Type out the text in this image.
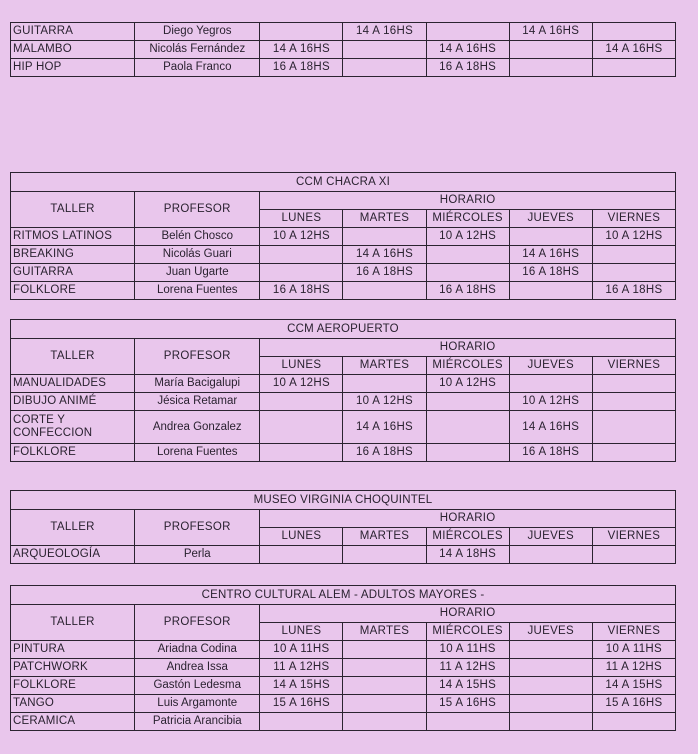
GUITARRA	Diego Yegros		14 A 16HS		14 A 16HS	
MALAMBO	Nicolás Fernández	14 A 16HS		14 A 16HS		14 A 16HS
HIP HOP	Paola Franco	16 A 18HS		16 A 18HS		
CCM CHACRA XI						
TALLER	PROFESOR	HORARIO				
		LUNES	MARTES	MIÉRCOLES	JUEVES	VIERNES
RITMOS LATINOS	Belén Chosco	10 A 12HS		10 A 12HS		10 A 12HS
BREAKING	Nicolás Guari		14 A 16HS		14 A 16HS	
GUITARRA	Juan Ugarte		16 A 18HS		16 A 18HS	
FOLKLORE	Lorena Fuentes	16 A 18HS		16 A 18HS		16 A 18HS
CCM AEROPUERTO						
TALLER	PROFESOR	HORARIO				
		LUNES	MARTES	MIÉRCOLES	JUEVES	VIERNES
MANUALIDADES	María Bacigalupi	10 A 12HS		10 A 12HS		
DIBUJO ANIMÉ	Jésica Retamar		10 A 12HS		10 A 12HS	
CORTE Y CONFECCION	Andrea Gonzalez		14 A 16HS		14 A 16HS	
FOLKLORE	Lorena Fuentes		16 A 18HS		16 A 18HS	
MUSEO VIRGINIA CHOQUINTEL						
TALLER	PROFESOR	HORARIO				
		LUNES	MARTES	MIÉRCOLES	JUEVES	VIERNES
ARQUEOLOGÍA	Perla			14 A 18HS		
CENTRO CULTURAL ALEM - ADULTOS MAYORES -						
TALLER	PROFESOR	HORARIO				
		LUNES	MARTES	MIÉRCOLES	JUEVES	VIERNES
PINTURA	Ariadna Codina	10 A 11HS		10 A 11HS		10 A 11HS
PATCHWORK	Andrea Issa	11 A 12HS		11 A 12HS		11 A 12HS
FOLKLORE	Gastón Ledesma	14 A 15HS		14 A 15HS		14 A 15HS
TANGO	Luis Argamonte	15 A 16HS		15 A 16HS		15 A 16HS
CERAMICA	Patricia Arancibia					
